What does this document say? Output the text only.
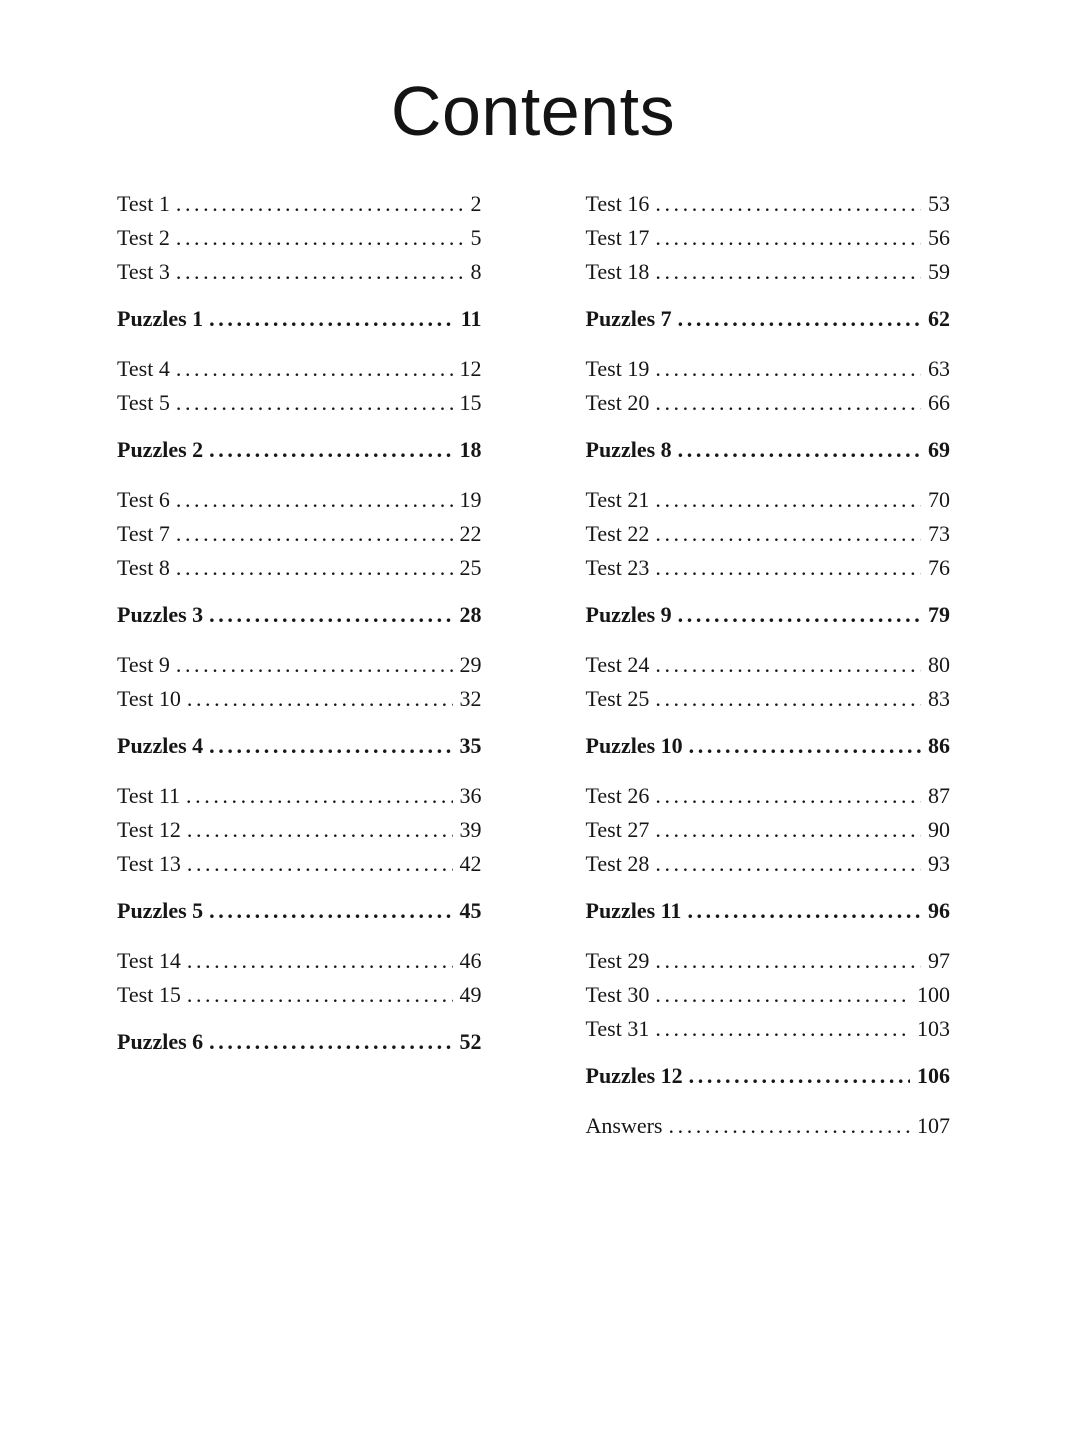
Contents
Test 1 .....	2
Test 2 .....	5
Test 3 .....	8
Puzzles 1 .....	11
Test 4 .....	12
Test 5 .....	15
Puzzles 2 .....	18
Test 6 .....	19
Test 7 .....	22
Test 8 .....	25
Puzzles 3 .....	28
Test 9 .....	29
Test 10 .....	32
Puzzles 4 .....	35
Test 11 .....	36
Test 12 .....	39
Test 13 .....	42
Puzzles 5 .....	45
Test 14 .....	46
Test 15 .....	49
Puzzles 6 .....	52
Test 16 .....	53
Test 17 .....	56
Test 18 .....	59
Puzzles 7 .....	62
Test 19 .....	63
Test 20 .....	66
Puzzles 8 .....	69
Test 21 .....	70
Test 22 .....	73
Test 23 .....	76
Puzzles 9 .....	79
Test 24 .....	80
Test 25 .....	83
Puzzles 10 .....	86
Test 26 .....	87
Test 27 .....	90
Test 28 .....	93
Puzzles 11 .....	96
Test 29 .....	97
Test 30 .....	100
Test 31 .....	103
Puzzles 12 .....	106
Answers .....	107
